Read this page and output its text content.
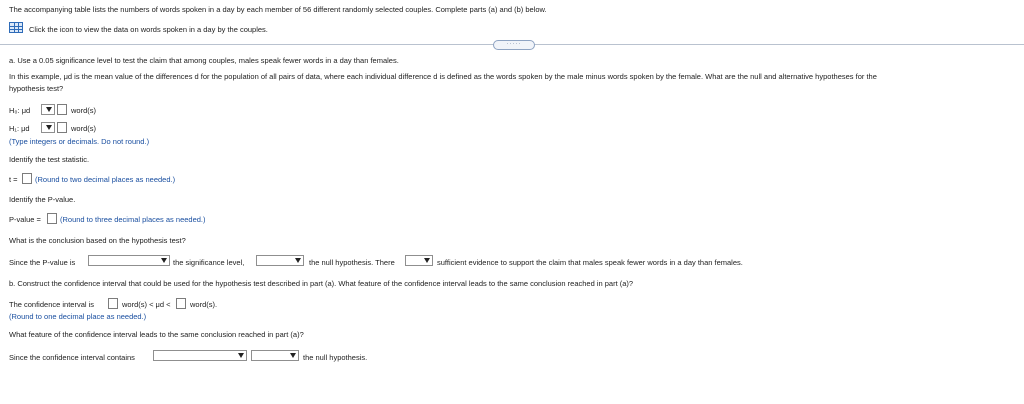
The accompanying table lists the numbers of words spoken in a day by each member of 56 different randomly selected couples. Complete parts (a) and (b) below.
Click the icon to view the data on words spoken in a day by the couples.
·····
a. Use a 0.05 significance level to test the claim that among couples, males speak fewer words in a day than females.
In this example, μd is the mean value of the differences d for the population of all pairs of data, where each individual difference d is defined as the words spoken by the male minus words spoken by the female. What are the null and alternative hypotheses for the
hypothesis test?
H₀: μd	word(s)
H₁: μd	word(s)
(Type integers or decimals. Do not round.)
Identify the test statistic.
t = (Round to two decimal places as needed.)
Identify the P-value.
P-value =	(Round to three decimal places as needed.)
What is the conclusion based on the hypothesis test?
Since the P-value is	the significance level,	the null hypothesis. There	sufficient evidence to support the claim that males speak fewer words in a day than females.
b. Construct the confidence interval that could be used for the hypothesis test described in part (a). What feature of the confidence interval leads to the same conclusion reached in part (a)?
The confidence interval is	word(s) < μd <	word(s).
(Round to one decimal place as needed.)
What feature of the confidence interval leads to the same conclusion reached in part (a)?
Since the confidence interval contains	the null hypothesis.
